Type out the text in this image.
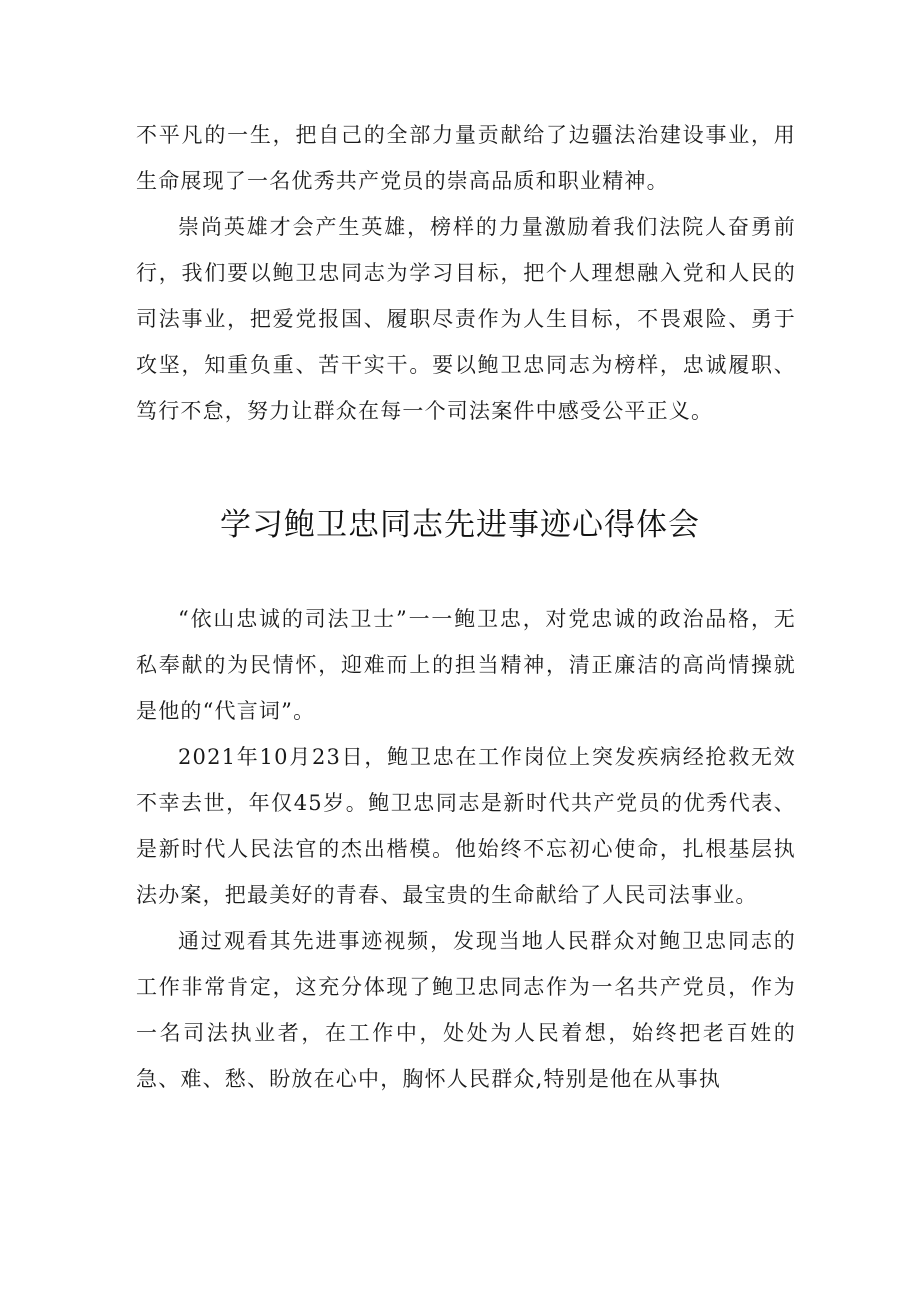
不平凡的一生，把自己的全部力量贡献给了边疆法治建设事业，用生命展现了一名优秀共产党员的崇高品质和职业精神。

崇尚英雄才会产生英雄，榜样的力量激励着我们法院人奋勇前行，我们要以鲍卫忠同志为学习目标，把个人理想融入党和人民的司法事业，把爱党报国、履职尽责作为人生目标，不畏艰险、勇于攻坚，知重负重、苦干实干。要以鲍卫忠同志为榜样，忠诚履职、笃行不怠，努力让群众在每一个司法案件中感受公平正义。

学习鲍卫忠同志先进事迹心得体会

“依山忠诚的司法卫士”一一鲍卫忠，对党忠诚的政治品格，无私奉献的为民情怀，迎难而上的担当精神，清正廉洁的高尚情操就是他的“代言词”。

2021年10月23日，鲍卫忠在工作岗位上突发疾病经抢救无效不幸去世，年仅45岁。鲍卫忠同志是新时代共产党员的优秀代表、是新时代人民法官的杰出楷模。他始终不忘初心使命，扎根基层执法办案，把最美好的青春、最宝贵的生命献给了人民司法事业。

通过观看其先进事迹视频，发现当地人民群众对鲍卫忠同志的工作非常肯定，这充分体现了鲍卫忠同志作为一名共产党员，作为一名司法执业者，在工作中，处处为人民着想，始终把老百姓的急、难、愁、盼放在心中，胸怀人民群众,特别是他在从事执
